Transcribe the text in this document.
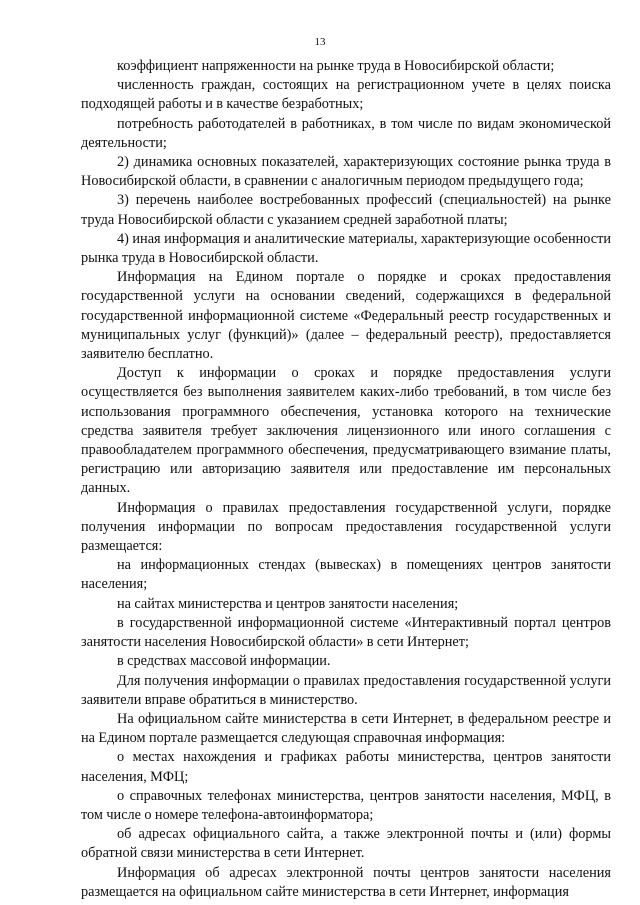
13

коэффициент напряженности на рынке труда в Новосибирской области;

численность граждан, состоящих на регистрационном учете в целях поиска подходящей работы и в качестве безработных;

потребность работодателей в работниках, в том числе по видам экономической деятельности;

2) динамика основных показателей, характеризующих состояние рынка труда в Новосибирской области, в сравнении с аналогичным периодом предыдущего года;

3) перечень наиболее востребованных профессий (специальностей) на рынке труда Новосибирской области с указанием средней заработной платы;

4) иная информация и аналитические материалы, характеризующие особенности рынка труда в Новосибирской области.

Информация на Едином портале о порядке и сроках предоставления государственной услуги на основании сведений, содержащихся в федеральной государственной информационной системе «Федеральный реестр государственных и муниципальных услуг (функций)» (далее – федеральный реестр), предоставляется заявителю бесплатно.

Доступ к информации о сроках и порядке предоставления услуги осуществляется без выполнения заявителем каких-либо требований, в том числе без использования программного обеспечения, установка которого на технические средства заявителя требует заключения лицензионного или иного соглашения с правообладателем программного обеспечения, предусматривающего взимание платы, регистрацию или авторизацию заявителя или предоставление им персональных данных.

Информация о правилах предоставления государственной услуги, порядке получения информации по вопросам предоставления государственной услуги размещается:

на информационных стендах (вывесках) в помещениях центров занятости населения;

на сайтах министерства и центров занятости населения;

в государственной информационной системе «Интерактивный портал центров занятости населения Новосибирской области» в сети Интернет;

в средствах массовой информации.

Для получения информации о правилах предоставления государственной услуги заявители вправе обратиться в министерство.

На официальном сайте министерства в сети Интернет, в федеральном реестре и на Едином портале размещается следующая справочная информация:

о местах нахождения и графиках работы министерства, центров занятости населения, МФЦ;

о справочных телефонах министерства, центров занятости населения, МФЦ, в том числе о номере телефона-автоинформатора;

об адресах официального сайта, а также электронной почты и (или) формы обратной связи министерства в сети Интернет.

Информация об адресах электронной почты центров занятости населения размещается на официальном сайте министерства в сети Интернет, информация
